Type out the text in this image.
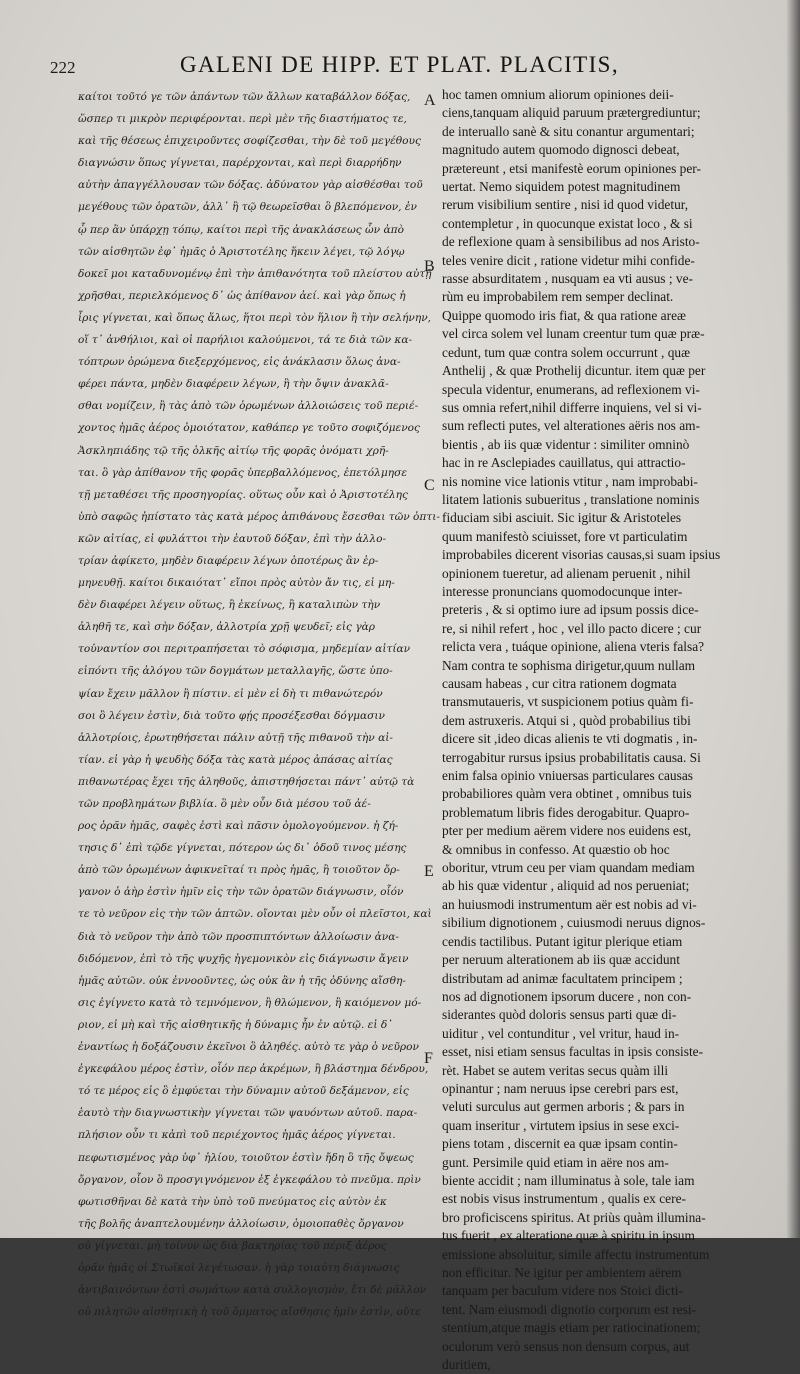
222	GALENI DE HIPP. ET PLAT. PLACITIS,
καίτοι τοῦτό γε τῶν ἀπάντων τῶν ἄλλων καταβάλλον δόξας,
ὥσπερ τι μικρὸν περιφέρονται. περὶ μὲν τῆς διαστήματος τε,
καὶ τῆς θέσεως ἐπιχειροῦντες σοφίζεσθαι, τὴν δὲ τοῦ μεγέθους
διαγνώσιν ὅπως γίγνεται, παρέρχονται, καὶ περὶ διαρρήδην
αὐτὴν ἀπαγγέλλουσαν τῶν δόξας. ἀδύνατον γὰρ αἰσθέσθαι τοῦ
μεγέθους τῶν ὁρατῶν, ἀλλ᾽ ἢ τῷ θεωρεῖσθαι ὃ βλεπόμενον, ἐν
ᾧ περ ἂν ὑπάρχῃ τόπῳ, καίτοι περὶ τῆς ἀνακλάσεως ὧν ἀπὸ
τῶν αἰσθητῶν ἐφ᾽ ἡμᾶς ὁ Ἀριστοτέλης ἥκειν λέγει, τῷ λόγῳ
δοκεῖ μοι καταδυνομένῳ ἐπὶ τὴν ἀπιθανότητα τοῦ πλείστου αὐτῇ
χρῆσθαι, περιελκόμενος δ᾽ ὡς ἀπίθανον ἀεί. καὶ γὰρ ὅπως ἡ
ἶρις γίγνεται, καὶ ὅπως ἅλως, ἥτοι περὶ τὸν ἥλιον ἢ τὴν σελήνην,
οἵ τ᾽ ἀνθήλιοι, καὶ οἱ παρήλιοι καλούμενοι, τά τε διὰ τῶν κα-
τόπτρων ὁρώμενα διεξερχόμενος, εἰς ἀνάκλασιν ὅλως ἀνα-
φέρει πάντα, μηδὲν διαφέρειν λέγων, ἢ τὴν ὄψιν ἀνακλᾶ-
σθαι νομίζειν, ἢ τὰς ἀπὸ τῶν ὁρωμένων ἀλλοιώσεις τοῦ περιέ-
χοντος ἡμᾶς ἀέρος ὁμοιότατον, καθάπερ γε τοῦτο σοφιζόμενος
Ἀσκληπιάδης τῷ τῆς ὁλκῆς αἰτίῳ τῆς φορᾶς ὀνόματι χρῆ-
ται. ὃ γὰρ ἀπίθανον τῆς φορᾶς ὑπερβαλλόμενος, ἐπετόλμησε
τῇ μεταθέσει τῆς προσηγορίας. οὕτως οὖν καὶ ὁ Ἀριστοτέλης
ὑπὸ σαφῶς ἠπίστατο τὰς κατὰ μέρος ἀπιθάνους ἔσεσθαι τῶν ὀπτι-
κῶν αἰτίας, εἰ φυλάττοι τὴν ἑαυτοῦ δόξαν, ἐπὶ τὴν ἀλλο-
τρίαν ἀφίκετο, μηδὲν διαφέρειν λέγων ὁποτέρως ἂν ἑρ-
μηνευθῇ. καίτοι δικαιότατ᾽ εἴποι πρὸς αὐτὸν ἄν τις, εἰ μη-
δὲν διαφέρει λέγειν οὕτως, ἢ ἐκείνως, ἢ καταλιπὼν τὴν
ἀληθῆ τε, καὶ σὴν δόξαν, ἀλλοτρία χρῇ ψευδεῖ; εἰς γὰρ
τοὐναντίον σοι περιτραπήσεται τὸ σόφισμα, μηδεμίαν αἰτίαν
εἰπόντι τῆς ἀλόγου τῶν δογμάτων μεταλλαγῆς, ὥστε ὑπο-
ψίαν ἔχειν μᾶλλον ἢ πίστιν. εἰ μὲν εἰ δὴ τι πιθανώτερόν
σοι ὃ λέγειν ἐστὶν, διὰ τοῦτο φῄς προσέξεσθαι δόγμασιν
ἀλλοτρίοις, ἐρωτηθήσεται πάλιν αὐτῇ τῆς πιθανοῦ τὴν αἰ-
τίαν. εἰ γὰρ ἡ ψευδὴς δόξα τὰς κατὰ μέρος ἁπάσας αἰτίας
πιθανωτέρας ἔχει τῆς ἀληθοῦς, ἀπιστηθήσεται πάντ᾽ αὐτῷ τὰ
τῶν προβλημάτων βιβλία. ὃ μὲν οὖν διὰ μέσου τοῦ ἀέ-
ρος ὁρᾶν ἡμᾶς, σαφὲς ἐστὶ καὶ πᾶσιν ὁμολογούμενον. ἡ ζή-
τησις δ᾽ ἐπὶ τῷδε γίγνεται, πότερον ὡς δι᾽ ὁδοῦ τινος μέσης
ἀπὸ τῶν ὁρωμένων ἀφικνεῖταί τι πρὸς ἡμᾶς, ἢ τοιοῦτον ὄρ-
γανον ὁ ἀὴρ ἐστὶν ἡμῖν εἰς τὴν τῶν ὁρατῶν διάγνωσιν, οἷόν
τε τὸ νεῦρον εἰς τὴν τῶν ἁπτῶν. οἴονται μὲν οὖν οἱ πλεῖστοι, καὶ
διὰ τὸ νεῦρον τὴν ἀπὸ τῶν προσπιπτόντων ἀλλοίωσιν ἀνα-
διδόμενον, ἐπὶ τὸ τῆς ψυχῆς ἡγεμονικὸν εἰς διάγνωσιν ἄγειν
ἡμᾶς αὐτῶν. οὐκ ἐννοοῦντες, ὡς οὐκ ἂν ἡ τῆς ὀδύνης αἴσθη-
σις ἐγίγνετο κατὰ τὸ τεμνόμενον, ἢ θλώμενον, ἢ καιόμενον μό-
ριον, εἰ μὴ καὶ τῆς αἰσθητικῆς ἡ δύναμις ἦν ἐν αὐτῷ. εἰ δ᾽
ἐναντίως ἡ δοξάζουσιν ἐκεῖνοι ὃ ἀληθές. αὐτὸ τε γὰρ ὁ νεῦρον
ἐγκεφάλου μέρος ἐστὶν, οἷόν περ ἀκρέμων, ἢ βλάστημα δένδρου,
τό τε μέρος εἰς ὃ ἐμφύεται τὴν δύναμιν αὐτοῦ δεξάμενον, εἰς
ἑαυτὸ τὴν διαγνωστικὴν γίγνεται τῶν ψαυόντων αὐτοῦ. παρα-
πλήσιον οὖν τι κἀπὶ τοῦ περιέχοντος ἡμᾶς ἀέρος γίγνεται.
πεφωτισμένος γὰρ ὑφ᾽ ἡλίου, τοιοῦτον ἐστὶν ἤδη ὃ τῆς ὄψεως
ὄργανον, οἷον ὃ προσγιγνόμενον ἐξ ἐγκεφάλου τὸ πνεῦμα. πρὶν
φωτισθῆναι δὲ κατὰ τὴν ὑπὸ τοῦ πνεύματος εἰς αὐτὸν ἐκ
τῆς βολῆς ἀναπτελουμένην ἀλλοίωσιν, ὁμοιοπαθὲς ὄργανον
οὐ γίγνεται. μὴ τοίνυν ὡς διὰ βακτηρίας τοῦ πέριξ ἀέρος
ὁρᾶν ἡμᾶς οἱ Στωϊκοὶ λεγέτωσαν. ἡ γὰρ τοιαύτη διάγνωσις
ἀντιβαινόντων ἐστὶ σωμάτων κατὰ συλλογισμὸν, ἔτι δὲ μᾶλλον
οὐ πιλητῶν αἰσθητικὴ ἡ τοῦ ὄμματος αἴσθησις ἡμῖν ἐστὶν, οὔτε
A
B
C
E
F
hoc tamen omnium aliorum opiniones deii-
ciens,tanquam aliquid paruum prætergrediuntur;
de interuallo sanè & situ conantur argumentari;
magnitudo autem quomodo dignosci debeat,
prætereunt , etsi manifestè eorum opiniones per-
uertat. Nemo siquidem potest magnitudinem
rerum visibilium sentire , nisi id quod videtur,
contempletur , in quocunque existat loco , & si
de reflexione quam à sensibilibus ad nos Aristo-
teles venire dicit , ratione videtur mihi confide-
rasse absurditatem , nusquam ea vti ausus ; ve-
rùm eu improbabilem rem semper declinat.
Quippe quomodo iris fiat, & qua ratione areæ
vel circa solem vel lunam creentur tum quæ præ-
cedunt, tum quæ contra solem occurrunt , quæ
Anthelij , & quæ Prothelij dicuntur. item quæ per
specula videntur, enumerans, ad reflexionem vi-
sus omnia refert,nihil differre inquiens, vel si vi-
sum reflecti putes, vel alterationes aëris nos am-
bientis , ab iis quæ videntur : similiter omninò
hac in re Asclepiades cauillatus, qui attractio-
nis nomine vice lationis vtitur , nam improbabi-
litatem lationis subueritus , translatione nominis
fiduciam sibi asciuit. Sic igitur & Aristoteles
quum manifestò sciuisset, fore vt particulatim
improbabiles dicerent visorias causas,si suam ipsius
opinionem tueretur, ad alienam peruenit , nihil
interesse pronuncians quomodocunque inter-
preteris , & si optimo iure ad ipsum possis dice-
re, si nihil refert , hoc , vel illo pacto dicere ; cur
relicta vera , tuáque opinione, aliena vteris falsa?
Nam contra te sophisma dirigetur,quum nullam
causam habeas , cur citra rationem dogmata
transmutaueris, vt suspicionem potius quàm fi-
dem astruxeris. Atqui si , quòd probabilius tibi
dicere sit ,ideo dicas alienis te vti dogmatis , in-
terrogabitur rursus ipsius probabilitatis causa. Si
enim falsa opinio vniuersas particulares causas
probabiliores quàm vera obtinet , omnibus tuis
problematum libris fides derogabitur. Quapro-
pter per medium aërem videre nos euidens est,
& omnibus in confesso. At quæstio ob hoc
oboritur, vtrum ceu per viam quandam mediam
ab his quæ videntur , aliquid ad nos perueniat;
an huiusmodi instrumentum aër est nobis ad vi-
sibilium dignotionem , cuiusmodi neruus dignos-
cendis tactilibus. Putant igitur plerique etiam
per neruum alterationem ab iis quæ accidunt
distributam ad animæ facultatem principem ;
nos ad dignotionem ipsorum ducere , non con-
siderantes quòd doloris sensus parti quæ di-
uiditur , vel contunditur , vel vritur, haud in-
esset, nisi etiam sensus facultas in ipsis consiste-
rèt. Habet se autem veritas secus quàm illi
opinantur ; nam neruus ipse cerebri pars est,
veluti surculus aut germen arboris ; & pars in
quam inseritur , virtutem ipsius in sese exci-
piens totam , discernit ea quæ ipsam contin-
gunt. Persimile quid etiam in aëre nos am-
biente accidit ; nam illuminatus à sole, tale iam
est nobis visus instrumentum , qualis ex cere-
bro proficiscens spiritus. At priùs quàm illumina-
tus fuerit , ex alteratione quæ à spiritu in ipsum
emissione absoluitur, simile affectu instrumentum
non efficitur. Ne igitur per ambientem aërem
tanquam per baculum videre nos Stoici dicti-
tent. Nam eiusmodi dignotio corporum est resi-
stentium,atque magis etiam per ratiocinationem;
oculorum verò sensus non densum corpus, aut
duritiem,
